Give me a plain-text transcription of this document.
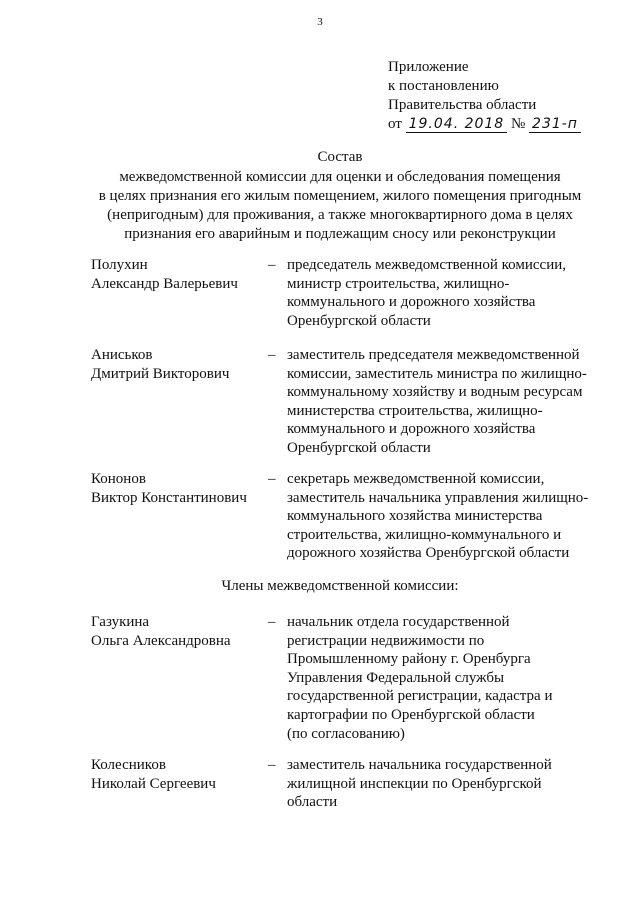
3
Приложение
к постановлению
Правительства области
от 19.04. 2018 № 231-п
Состав
межведомственной комиссии для оценки и обследования помещения
в целях признания его жилым помещением, жилого помещения пригодным
(непригодным) для проживания, а также многоквартирного дома в целях
признания его аварийным и подлежащим сносу или реконструкции
Полухин
Александр Валерьевич
– председатель межведомственной комиссии,
министр строительства, жилищно-
коммунального и дорожного хозяйства
Оренбургской области
Аниськов
Дмитрий Викторович
– заместитель председателя межведомственной
комиссии, заместитель министра по жилищно-
коммунальному хозяйству и водным ресурсам
министерства строительства, жилищно-
коммунального и дорожного хозяйства
Оренбургской области
Кононов
Виктор Константинович
– секретарь межведомственной комиссии,
заместитель начальника управления жилищно-
коммунального хозяйства министерства
строительства, жилищно-коммунального и
дорожного хозяйства Оренбургской области
Члены межведомственной комиссии:
Газукина
Ольга Александровна
– начальник отдела государственной
регистрации недвижимости по
Промышленному району г. Оренбурга
Управления Федеральной службы
государственной регистрации, кадастра и
картографии по Оренбургской области
(по согласованию)
Колесников
Николай Сергеевич
– заместитель начальника государственной
жилищной инспекции по Оренбургской
области
